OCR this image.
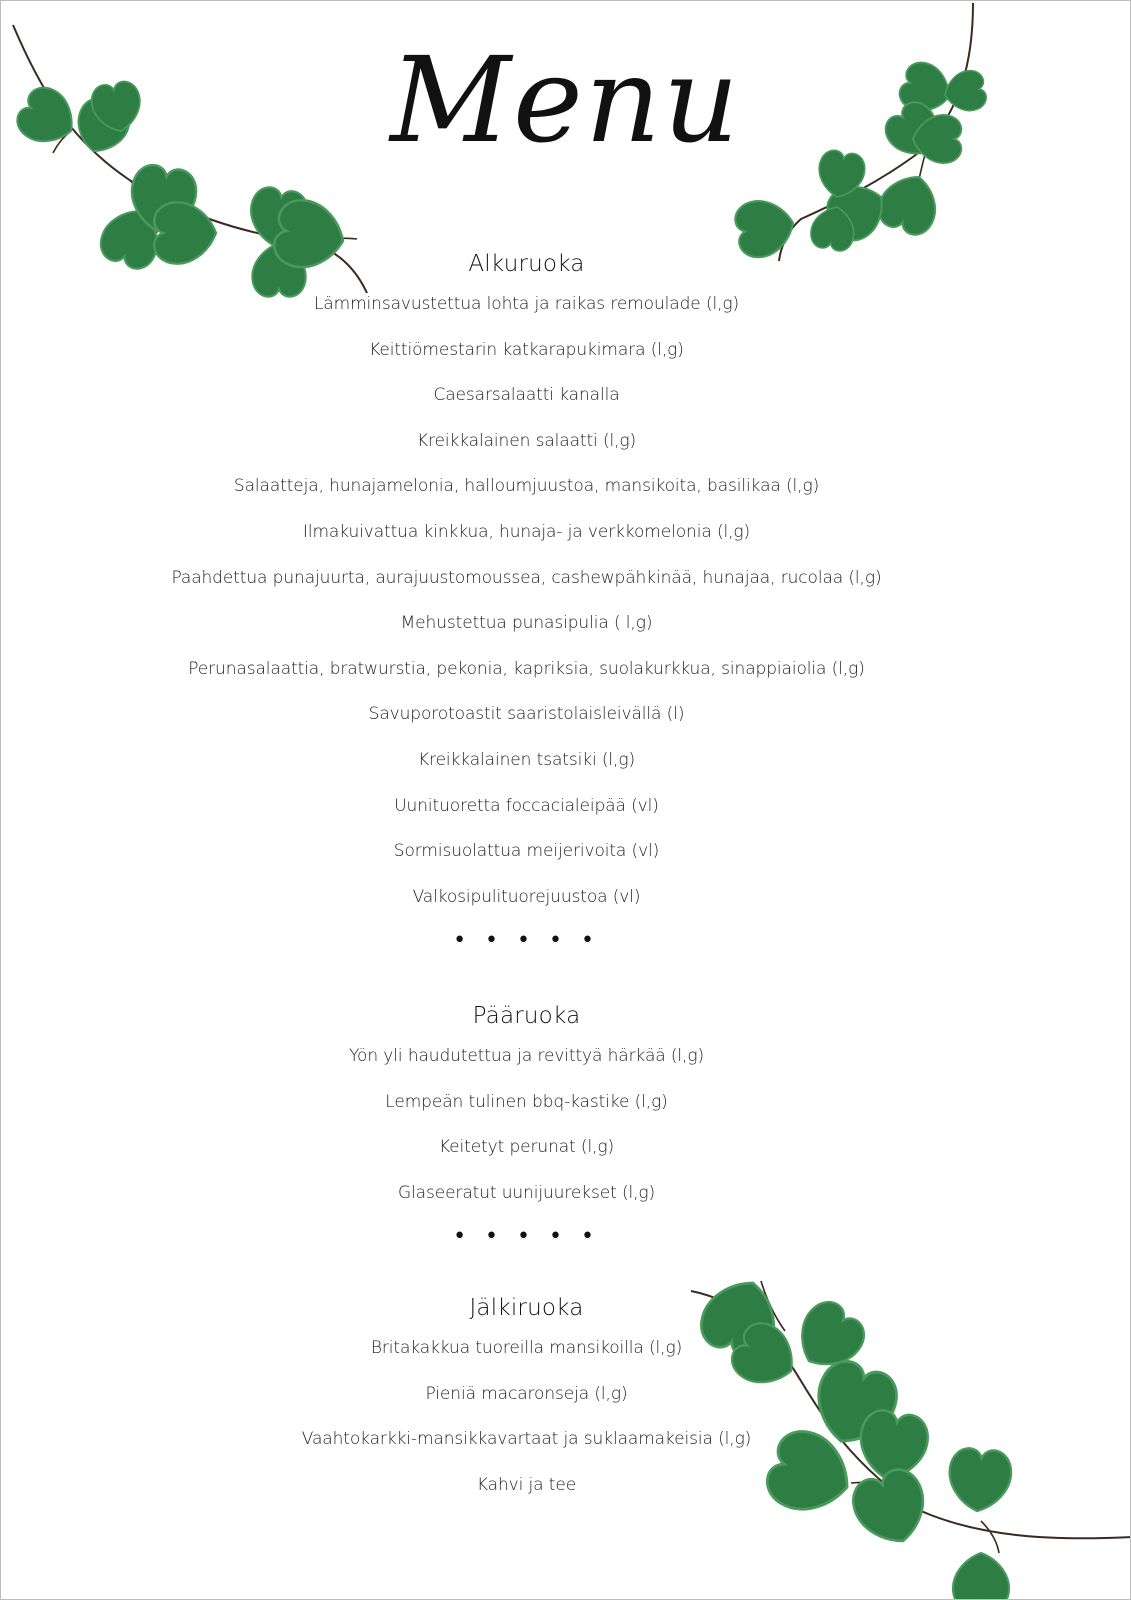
Menu
Alkuruoka
Lämminsavustettua lohta ja raikas remoulade (l,g)
Keittiömestarin katkarapukimara (l,g)
Caesarsalaatti kanalla
Kreikkalainen salaatti (l,g)
Salaatteja, hunajamelonia, halloumjuustoa, mansikoita, basilikaa (l,g)
Ilmakuivattua kinkkua, hunaja- ja verkkomelonia (l,g)
Paahdettua punajuurta, aurajuustomoussea, cashewpähkinää, hunajaa, rucolaa (l,g)
Mehustettua punasipulia ( l,g)
Perunasalaattia, bratwurstia, pekonia, kapriksia, suolakurkkua, sinappiaiolia (l,g)
Savuporotoastit saaristolaisleivällä (l)
Kreikkalainen tsatsiki (l,g)
Uunituoretta foccacialeipää (vl)
Sormisuolattua meijerivoita (vl)
Valkosipulituorejuustoa (vl)
• • • • •
Pääruoka
Yön yli haudutettua ja revittyä härkää (l,g)
Lempeän tulinen bbq-kastike (l,g)
Keitetyt perunat (l,g)
Glaseeratut uunijuurekset (l,g)
• • • • •
Jälkiruoka
Britakakkua tuoreilla mansikoilla (l,g)
Pieniä macaronseja (l,g)
Vaahtokarkki-mansikkavartaat ja suklaamakeisia (l,g)
Kahvi ja tee
